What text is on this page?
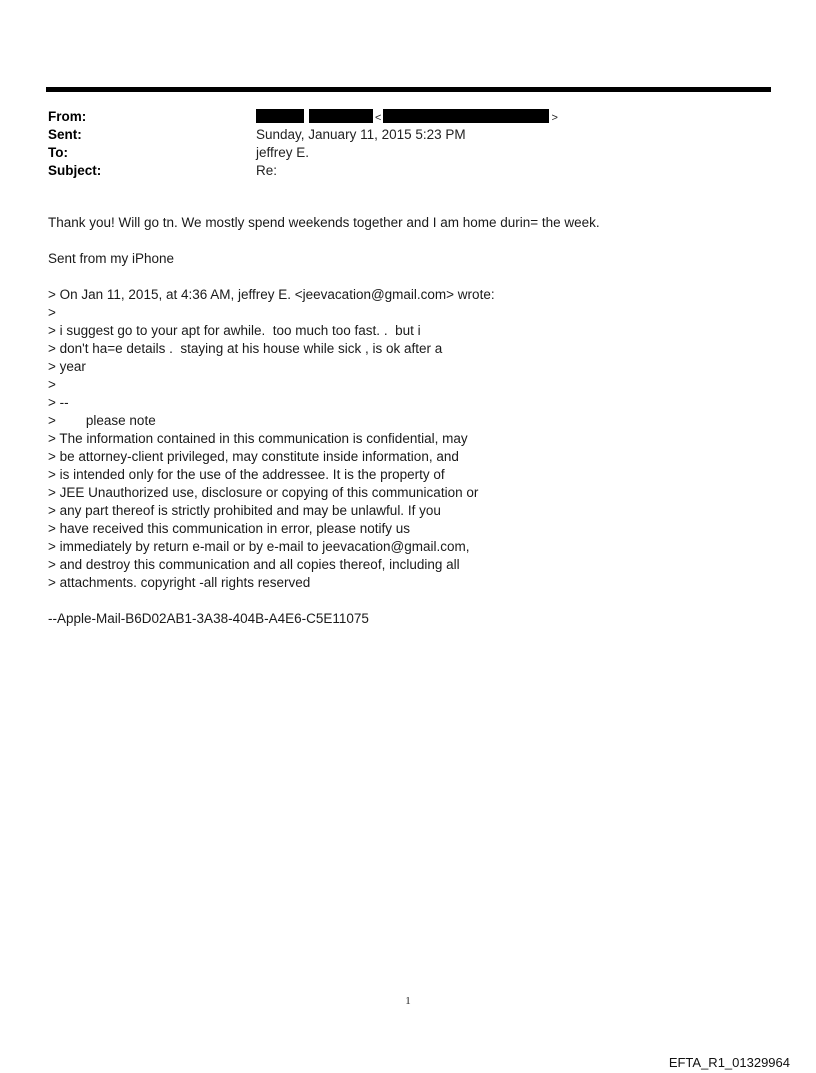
From:	<	>
Sent:	Sunday, January 11, 2015 5:23 PM
To:	jeffrey E.
Subject:	Re:

Thank you! Will go tn. We mostly spend weekends together and I am home durin= the week.

Sent from my iPhone

> On Jan 11, 2015, at 4:36 AM, jeffrey E. <jeevacation@gmail.com> wrote:

>

> i suggest go to your apt for awhile.  too much too fast. .  but i

> don't ha=e details .  staying at his house while sick , is ok after a

> year

>

> --

>        please note

> The information contained in this communication is confidential, may

> be attorney-client privileged, may constitute inside information, and

> is intended only for the use of the addressee. It is the property of

> JEE Unauthorized use, disclosure or copying of this communication or

> any part thereof is strictly prohibited and may be unlawful. If you

> have received this communication in error, please notify us

> immediately by return e-mail or by e-mail to jeevacation@gmail.com,

> and destroy this communication and all copies thereof, including all

> attachments. copyright -all rights reserved

--Apple-Mail-B6D02AB1-3A38-404B-A4E6-C5E11075

1
EFTA_R1_01329964
